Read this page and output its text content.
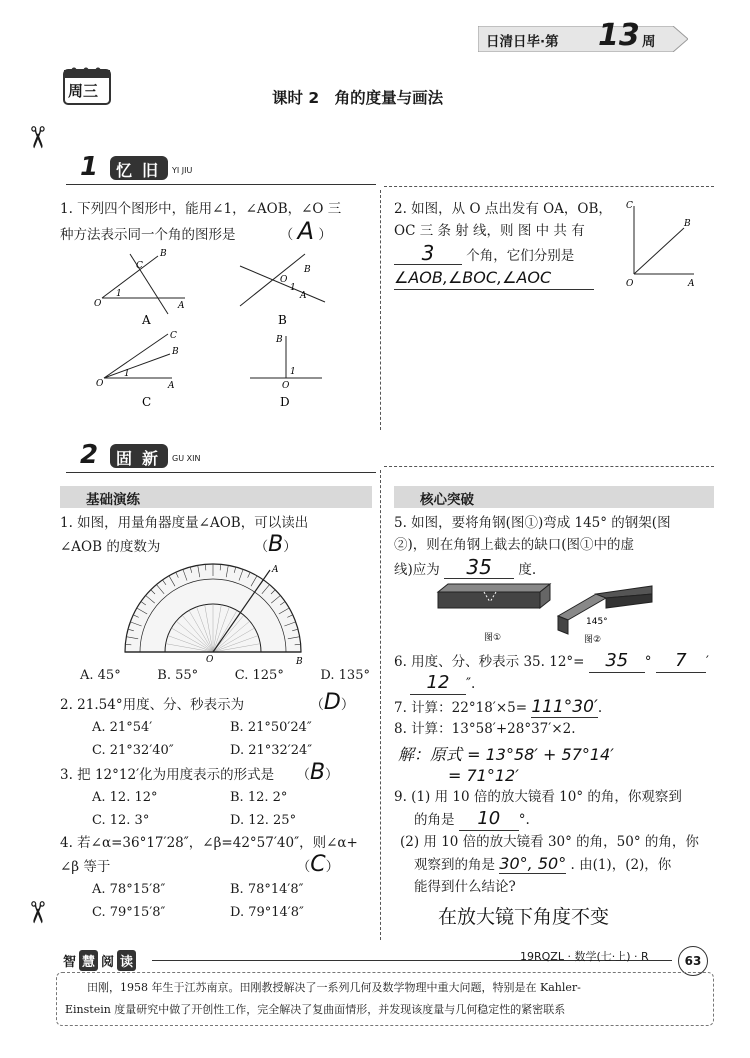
日清日毕·第 13 周
周三	课时 2　角的度量与画法
✂
✂
1 忆 旧 YI JIU
1. 下列四个图形中，能用∠1，∠AOB，∠O 三
种方法表示同一个角的图形是	（ A ）
O	A
C
B
1	A
B
O
1
O	A
C
B
1
B
O
1
A	B
C	D
2. 如图，从 O 点出发有 OA，OB，
OC 三 条 射 线，则 图 中 共 有
3 个角，它们分别是
∠AOB,∠BOC,∠AOC	O	A
C
B
2 固 新 GU XIN
基础演练	核心突破
1. 如图，用量角器度量∠AOB，可以读出
∠AOB 的度数为	（B）
A
B
O
A. 45°	B. 55°	C. 125°	D. 135°
2. 21.54°用度、分、秒表示为	（D）
A. 21°54′	B. 21°50′24″
C. 21°32′40″	D. 21°32′24″
3. 把 12°12′化为用度表示的形式是 （B）
A. 12. 12°	B. 12. 2°
C. 12. 3°	D. 12. 25°
4. 若∠α=36°17′28″，∠β=42°57′40″，则∠α+
∠β 等于	（C）
A. 78°15′8″	B. 78°14′8″
C. 79°15′8″	D. 79°14′8″
5. 如图，要将角钢(图①)弯成 145° 的钢架(图
②)，则在角钢上截去的缺口(图①中的虚
线)应为 35 度.
图①	图②
145°
6. 用度、分、秒表示 35. 12°= 35 ° 7 ′
12 ″.
7. 计算：22°18′×5= 111°30′.
8. 计算：13°58′+28°37′×2.
解：原式 = 13°58′ + 57°14′
= 71°12′
9. (1) 用 10 倍的放大镜看 10° 的角，你观察到
的角是 10 °.
(2) 用 10 倍的放大镜看 30° 的角，50° 的角，你
观察到的角是 30°, 50° . 由(1)，(2)，你
能得到什么结论?
在放大镜下角度不变
智 慧 阅 读	19RQZL · 数学(七·上) · R	63
　　田刚，1958 年生于江苏南京。田刚教授解决了一系列几何及数学物理中重大问题，特别是在 Kahler-
Einstein 度量研究中做了开创性工作，完全解决了复曲面情形，并发现该度量与几何稳定性的紧密联系
